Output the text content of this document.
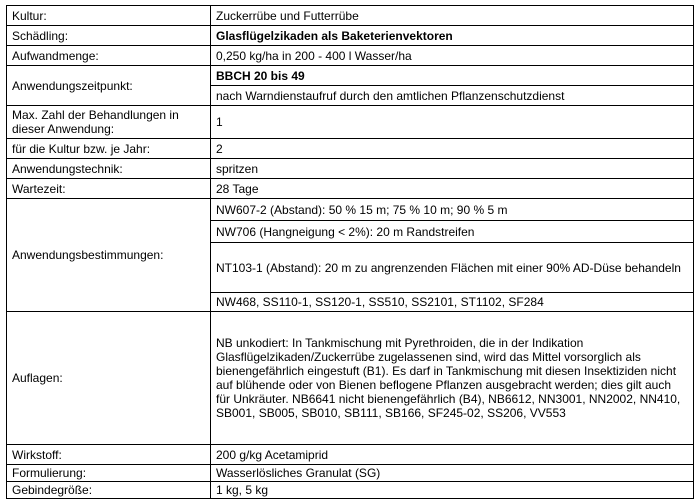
Kultur:	Zuckerrübe und Futterrübe
Schädling:	Glasflügelzikaden als Baketerienvektoren
Aufwandmenge:	0,250 kg/ha in 200 - 400 l Wasser/ha
Anwendungszeitpunkt:	BBCH 20 bis 49
	nach Warndienstaufruf durch den amtlichen Pflanzenschutzdienst
Max. Zahl der Behandlungen in dieser Anwendung:	1
für die Kultur bzw. je Jahr:	2
Anwendungstechnik:	spritzen
Wartezeit:	28 Tage
Anwendungsbestimmungen:	NW607-2 (Abstand): 50 % 15 m; 75 % 10 m; 90 % 5 m
	NW706 (Hangneigung < 2%): 20 m Randstreifen
	NT103-1 (Abstand): 20 m zu angrenzenden Flächen mit einer 90% AD-Düse behandeln
	NW468, SS110-1, SS120-1, SS510, SS2101, ST1102, SF284
Auflagen:	NB unkodiert: In Tankmischung mit Pyrethroiden, die in der Indikation Glasflügelzikaden/Zuckerrübe zugelassenen sind, wird das Mittel vorsorglich als bienengefährlich eingestuft (B1). Es darf in Tankmischung mit diesen Insektiziden nicht auf blühende oder von Bienen beflogene Pflanzen ausgebracht werden; dies gilt auch für Unkräuter. NB6641 nicht bienengefährlich (B4), NB6612, NN3001, NN2002, NN410, SB001, SB005, SB010, SB111, SB166, SF245-02, SS206, VV553
Wirkstoff:	200 g/kg Acetamiprid
Formulierung:	Wasserlösliches Granulat (SG)
Gebindegröße:	1 kg, 5 kg
